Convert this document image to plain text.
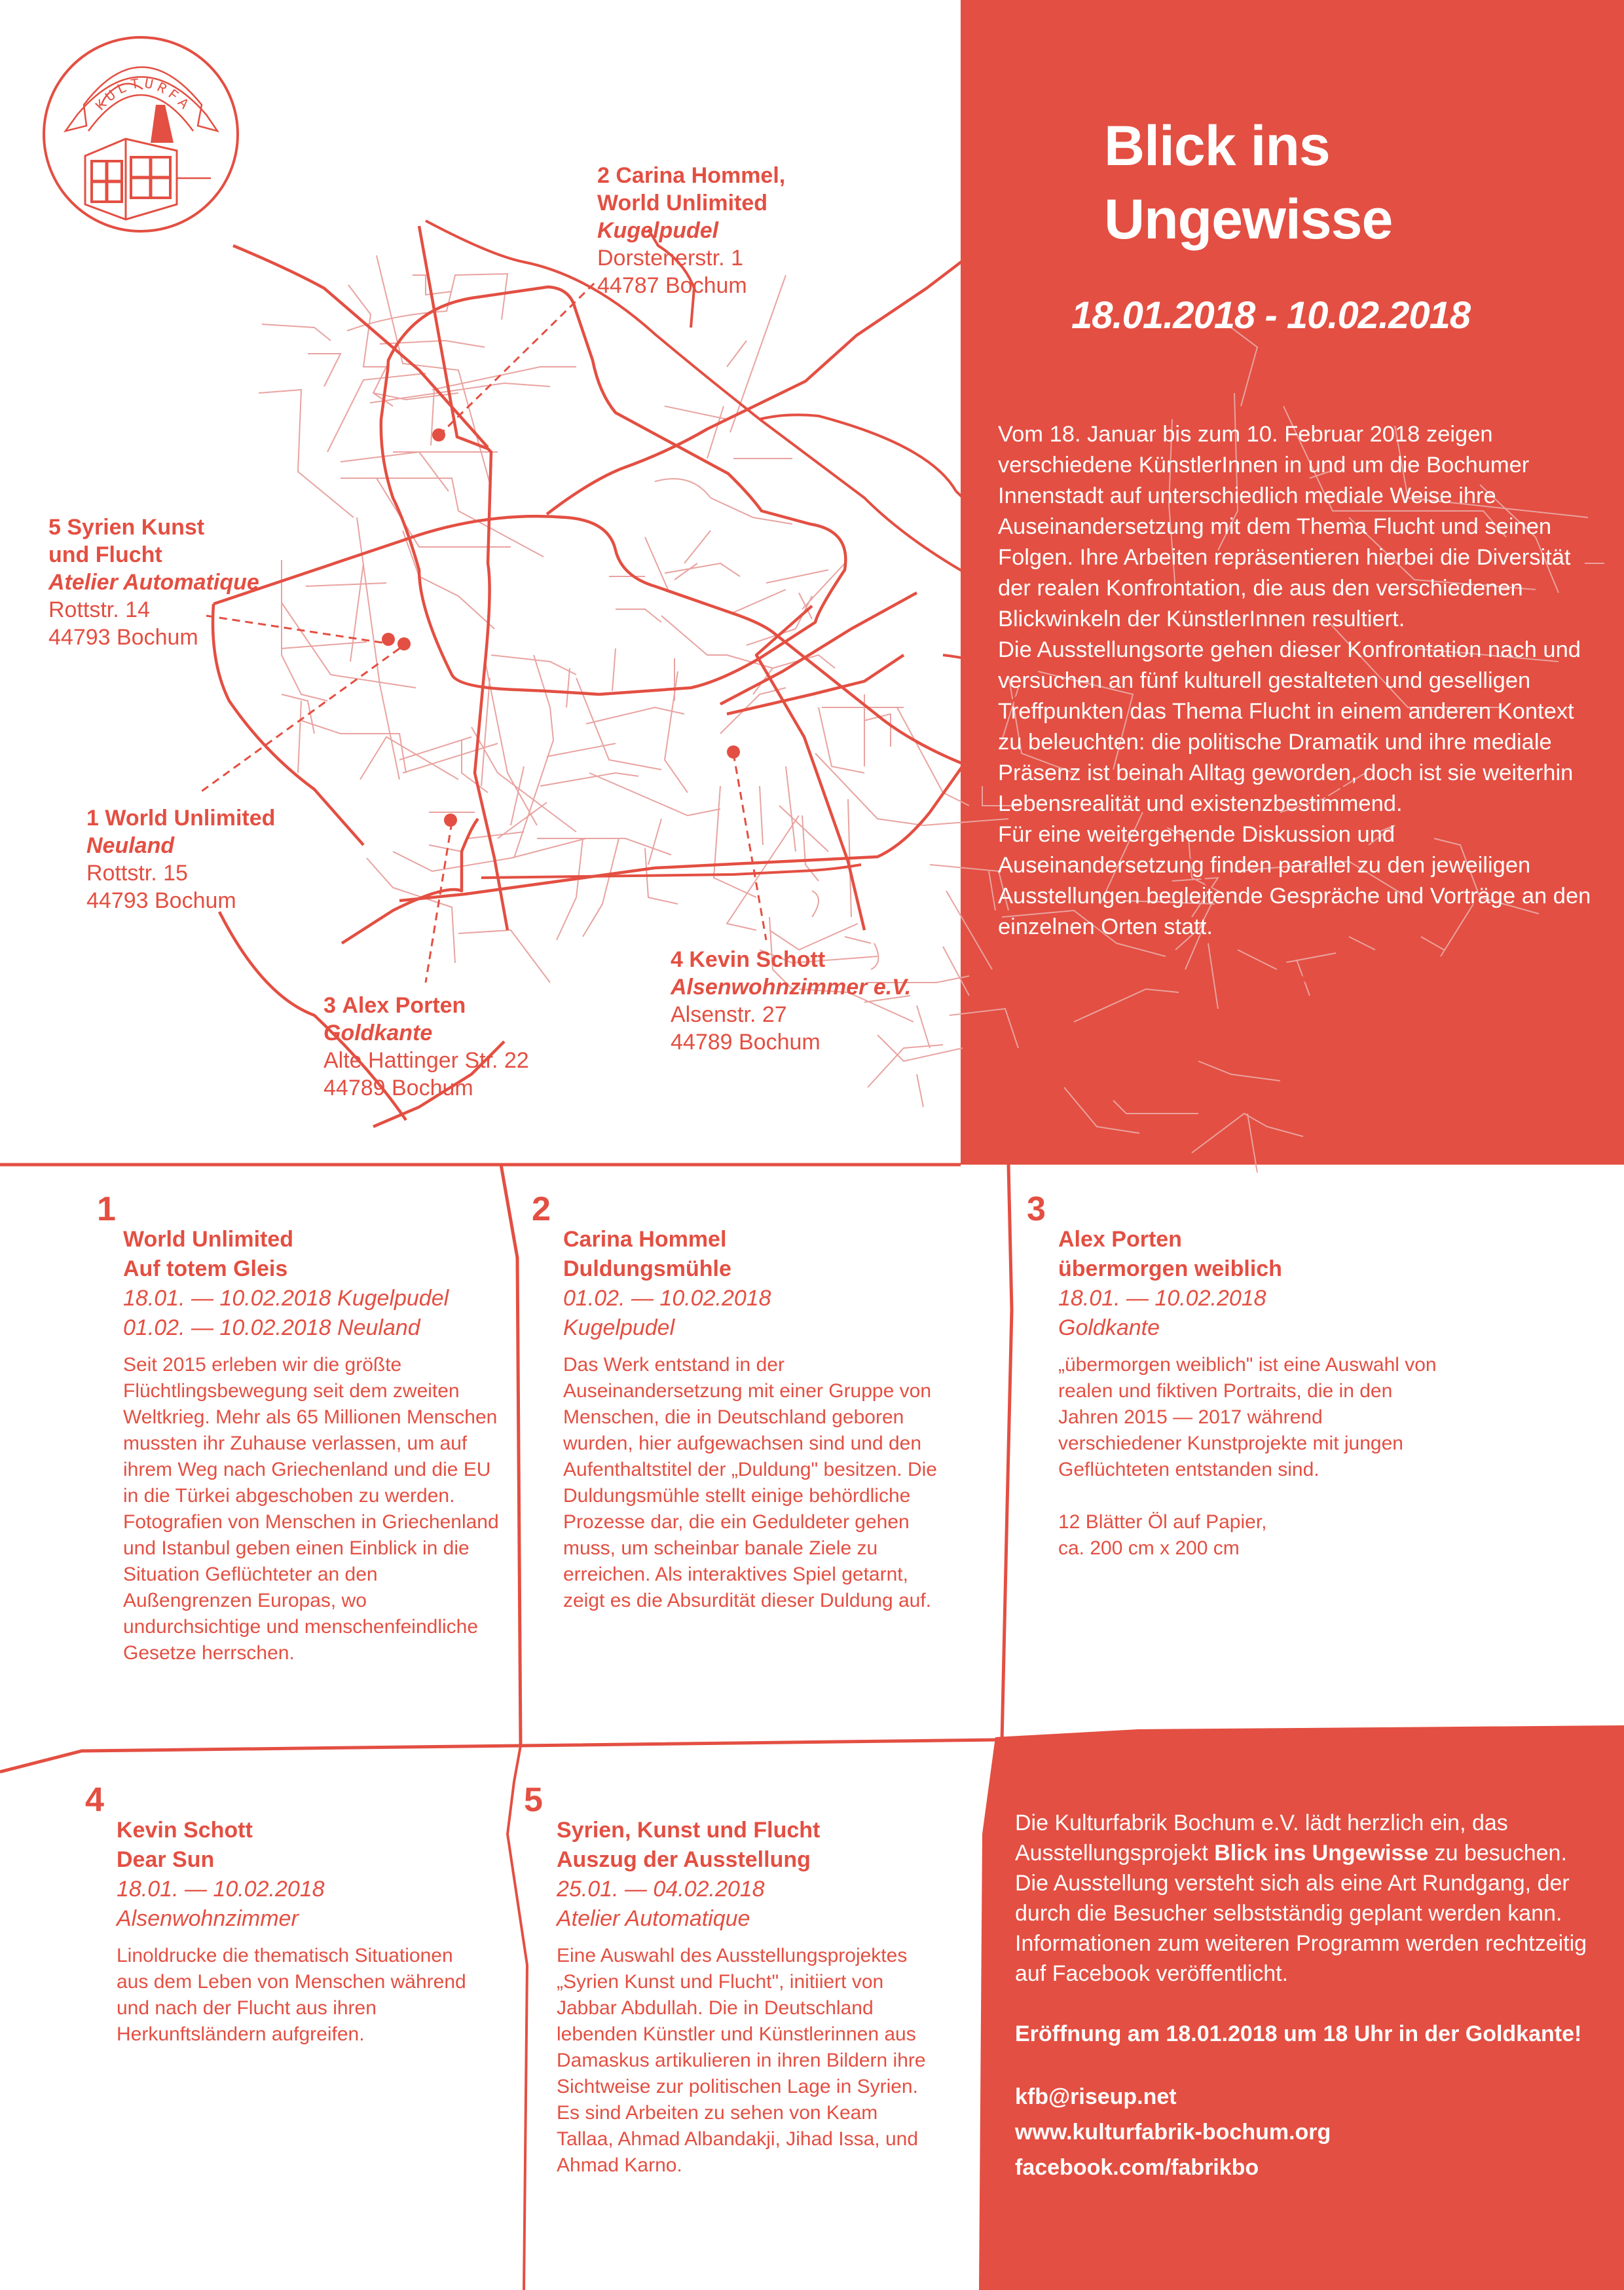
KULTURFABRIK
Blick ins
Ungewisse
18.01.2018 - 10.02.2018

Vom 18. Januar bis zum 10. Februar 2018 zeigen verschiedene KünstlerInnen in und um die Bochumer Innenstadt auf unterschiedlich mediale Weise ihre Auseinandersetzung mit dem Thema Flucht und seinen Folgen. Ihre Arbeiten repräsentieren hierbei die Diversität der realen Konfrontation, die aus den verschiedenen Blickwinkeln der KünstlerInnen resultiert.

Die Ausstellungsorte gehen dieser Konfrontation nach und versuchen an fünf kulturell gestalteten und geselligen Treffpunkten das Thema Flucht in einem anderen Kontext zu beleuchten: die politische Dramatik und ihre mediale Präsenz ist beinah Alltag geworden, doch ist sie weiterhin Lebensrealität und existenzbestimmend.

Für eine weitergehende Diskussion und Auseinandersetzung finden parallel zu den jeweiligen Ausstellungen begleitende Gespräche und Vorträge an den einzelnen Orten statt.

2 Carina Hommel,
World Unlimited
Kugelpudel
Dorstenerstr. 1
44787 Bochum
5 Syrien Kunst
und Flucht
Atelier Automatique
Rottstr. 14
44793 Bochum
1 World Unlimited
Neuland
Rottstr. 15
44793 Bochum
3 Alex Porten
Goldkante
Alte Hattinger Str. 22
44789 Bochum
4 Kevin Schott
Alsenwohnzimmer e.V.
Alsenstr. 27
44789 Bochum
1
World Unlimited
Auf totem Gleis
18.01. — 10.02.2018 Kugelpudel
01.02. — 10.02.2018 Neuland

Seit 2015 erleben wir die größte Flüchtlingsbewegung seit dem zweiten Weltkrieg. Mehr als 65 Millionen Menschen mussten ihr Zuhause verlassen, um auf ihrem Weg nach Griechenland und die EU in die Türkei abgeschoben zu werden.

Fotografien von Menschen in Griechenland und Istanbul geben einen Einblick in die Situation Geflüchteter an den Außengrenzen Europas, wo undurchsichtige und menschenfeindliche Gesetze herrschen.

2
Carina Hommel
Duldungsmühle
01.02. — 10.02.2018
Kugelpudel

Das Werk entstand in der Auseinandersetzung mit einer Gruppe von Menschen, die in Deutschland geboren wurden, hier aufgewachsen sind und den Aufenthaltstitel der „Duldung" besitzen. Die Duldungsmühle stellt einige behördliche Prozesse dar, die ein Geduldeter gehen muss, um scheinbar banale Ziele zu erreichen. Als interaktives Spiel getarnt, zeigt es die Absurdität dieser Duldung auf.

3
Alex Porten
übermorgen weiblich
18.01. — 10.02.2018
Goldkante

„übermorgen weiblich" ist eine Auswahl von realen und fiktiven Portraits, die in den Jahren 2015 — 2017 während verschiedener Kunstprojekte mit jungen Geflüchteten entstanden sind.

12 Blätter Öl auf Papier,

ca. 200 cm x 200 cm

4
Kevin Schott
Dear Sun
18.01. — 10.02.2018
Alsenwohnzimmer

Linoldrucke die thematisch Situationen aus dem Leben von Menschen während und nach der Flucht aus ihren Herkunftsländern aufgreifen.

5
Syrien, Kunst und Flucht
Auszug der Ausstellung
25.01. — 04.02.2018
Atelier Automatique

Eine Auswahl des Ausstellungsprojektes „Syrien Kunst und Flucht", initiiert von Jabbar Abdullah. Die in Deutschland lebenden Künstler und Künstlerinnen aus Damaskus artikulieren in ihren Bildern ihre Sichtweise zur politischen Lage in Syrien. Es sind Arbeiten zu sehen von Keam Tallaa, Ahmad Albandakji, Jihad Issa, und Ahmad Karno.

Die Kulturfabrik Bochum e.V. lädt herzlich ein, das Ausstellungsprojekt Blick ins Ungewisse zu besuchen. Die Ausstellung versteht sich als eine Art Rundgang, der durch die Besucher selbstständig geplant werden kann. Informationen zum weiteren Programm werden rechtzeitig auf Facebook veröffentlicht.

Eröffnung am 18.01.2018 um 18 Uhr in der Goldkante!

kfb@riseup.net
www.kulturfabrik-bochum.org
facebook.com/fabrikbo
